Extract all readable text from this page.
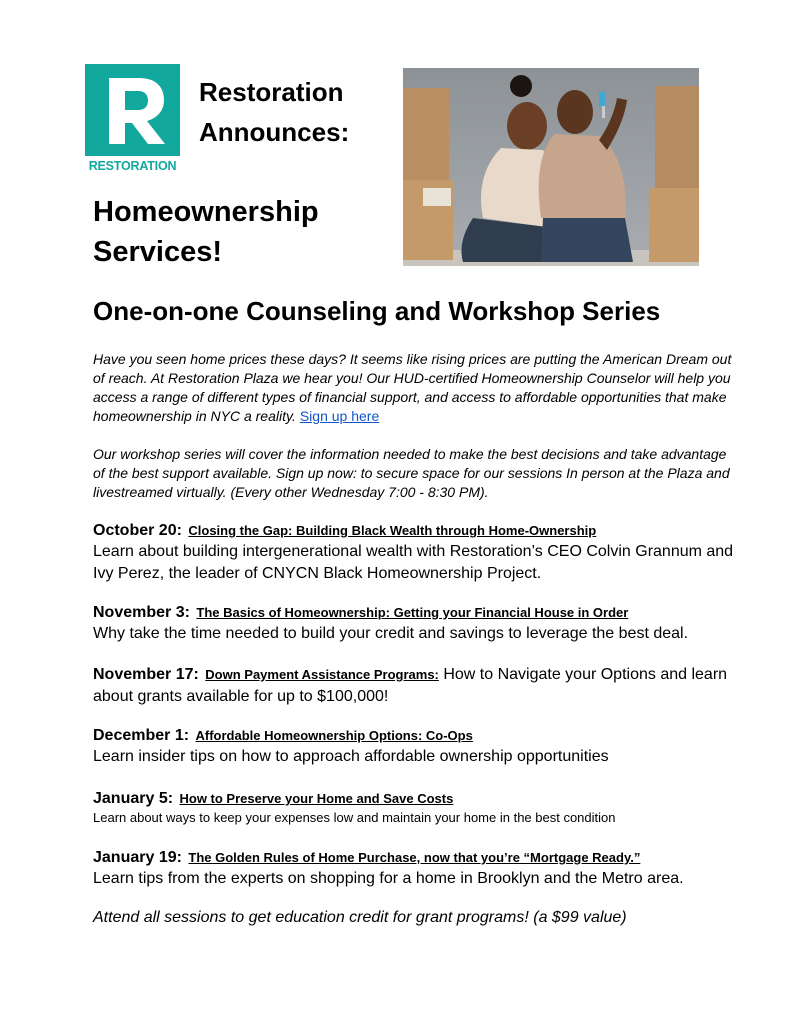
RESTORATION
Restoration
Announces:
Homeownership
Services!
One-on-one Counseling and Workshop Series
Have you seen home prices these days? It seems like rising prices are putting the American Dream out of reach. At Restoration Plaza we hear you! Our HUD-certified Homeownership Counselor will help you access a range of different types of financial support, and access to affordable opportunities that make homeownership in NYC a reality. Sign up here
Our workshop series will cover the information needed to make the best decisions and take advantage of the best support available. Sign up now: to secure space for our sessions In person at the Plaza and livestreamed virtually. (Every other Wednesday 7:00 - 8:30 PM).
October 20: Closing the Gap: Building Black Wealth through Home-Ownership
Learn about building intergenerational wealth with Restoration’s CEO Colvin Grannum and Ivy Perez, the leader of CNYCN Black Homeownership Project.
November 3: The Basics of Homeownership: Getting your Financial House in Order
Why take the time needed to build your credit and savings to leverage the best deal.
November 17: Down Payment Assistance Programs: How to Navigate your Options and learn about grants available for up to $100,000!
December 1: Affordable Homeownership Options: Co-Ops
Learn insider tips on how to approach affordable ownership opportunities
January 5: How to Preserve your Home and Save Costs
Learn about ways to keep your expenses low and maintain your home in the best condition
January 19: The Golden Rules of Home Purchase, now that you’re “Mortgage Ready.”
Learn tips from the experts on shopping for a home in Brooklyn and the Metro area.
Attend all sessions to get education credit for grant programs! (a $99 value)
